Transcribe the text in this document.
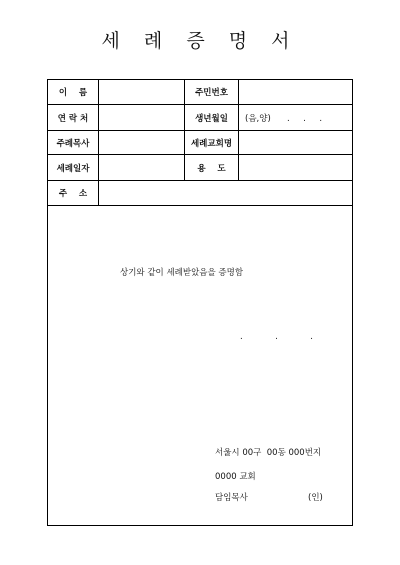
세 례 증 명 서
이    름	주민번호
연 락 처	생년월일	(음,양)      .     .     .
주례목사	세례교회명
세례일자	용    도
주    소
상기와 같이 세례받았음을 증명함
.            .            .
서울시 00구  00동 000번지
0000 교회
담임목사	(인)
